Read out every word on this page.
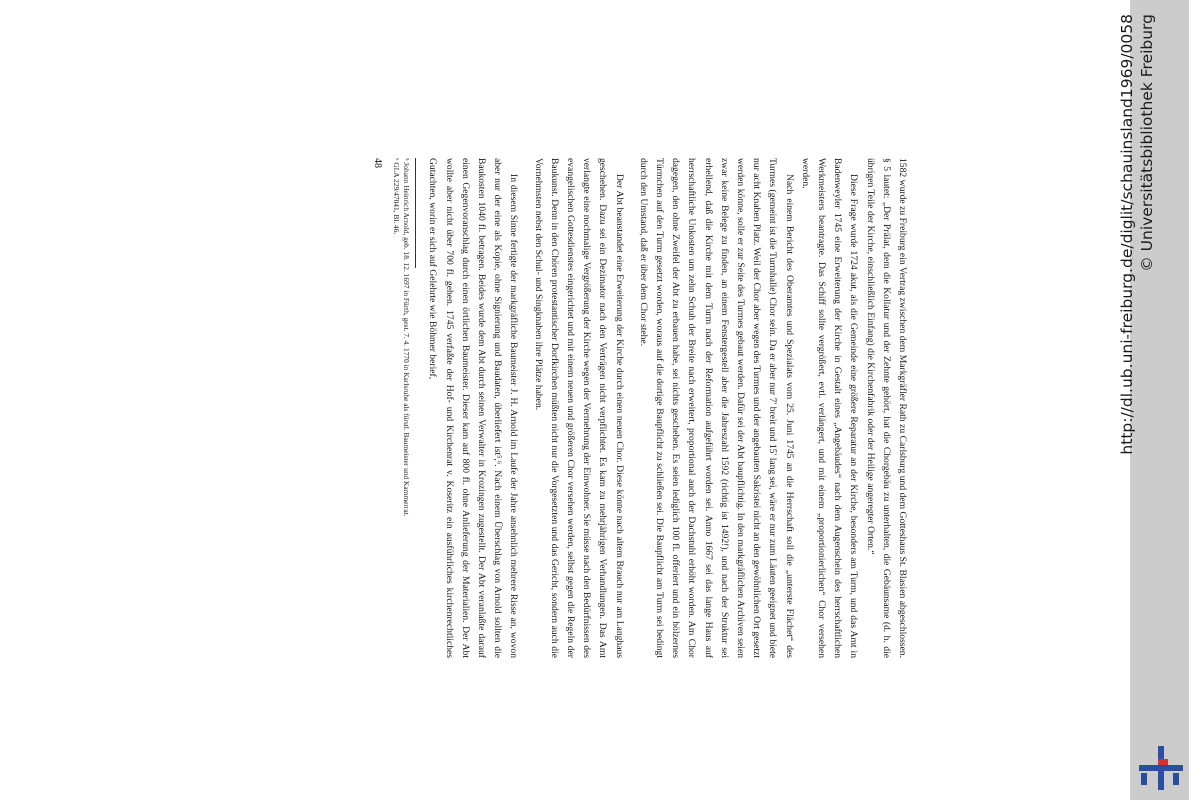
1582 wurde zu Freiburg ein Vertrag zwischen dem Markgräfler Rath zu Carlsburg und dem Gotteshaus St. Blasien abgeschlossen. § 5 lautet: „Der Prälat, dem die Kollatur und der Zehnte gehört, hat die Chorgebäu zu unterhalten, die Gebäunsame (d. h. die übrigen Teile der Kirche, einschließlich Einfang) die Kirchenfabrik oder der Heilige angeregter Orten.“

Diese Frage wurde 1724 akut, als die Gemeinde eine größere Reparatur an der Kirche, besonders am Turm, und das Amt in Badenweyler 1745 eine Erweiterung der Kirche in Gestalt eines „Angebäudes“ nach dem Augenschein des herrschaftlichen Werkmeisters beantragte. Das Schiff sollte vergrößert, evtl. verlängert, und mit einem „proportionierlichen“ Chor versehen werden.

Nach einem Bericht des Oberamtes und Spezialats vom 25. Juni 1745 an die Herrschaft soll die „unterste Flächet“ des Turmes (gemeint ist die Turmhalle) Chor sein. Da er aber nur 7' breit und 15' lang sei, wäre er nur zum Läuten geeignet und biete nur acht Knaben Platz. Weil der Chor aber wegen des Turmes und der angebauten Sakristei nicht an den gewöhnlichen Ort gesetzt werden könne, solle er zur Seite des Turmes gebaut werden. Dafür sei der Abt baupflichtig. In den markgräflichen Archiven seien zwar keine Belege zu finden, an einem Fenstergestell aber die Jahreszahl 1592 (richtig ist 1492!), und nach der Struktur sei erhellend, daß die Kirche mit dem Turm nach der Reformation aufgeführt worden sei. Anno 1667 sei das lange Haus auf herrschaftliche Unkosten um zehn Schuh der Breite nach erweitert, proportional auch der Dachstuhl erhöht worden. Am Chor dagegen, den ohne Zweifel der Abt zu erbauen habe, sei nichts geschehen. Es seien lediglich 100 fl. offeriert und ein hölzernes Türmchen auf den Turm gesetzt worden, woraus auf die dortige Baupflicht zu schließen sei. Die Baupflicht am Turm sei bedingt durch den Umstand, daß er über dem Chor stehe.

Der Abt beanstandet eine Erweiterung der Kirche durch einen neuen Chor. Diese könne nach altem Brauch nur am Langhaus geschehen. Dazu sei ein Dezimator nach den Verträgen nicht verpflichtet. Es kam zu mehrjährigen Verhandlungen. Das Amt verlangte eine nochmalige Vergrößerung der Kirche wegen der Vermehrung der Einwohner. Sie müsse nach den Bedürfnissen des evangelischen Gottesdienstes eingerichtet und mit einem neuen und größeren Chor versehen werden, selbst gegen die Regeln der Baukunst. Denn in den Chören protestantischer Dorfkirchen müßten nicht nur die Vorgesetzten und das Gericht, sondern auch die Vornehmsten nebst den Schul- und Singknaben ihre Plätze haben.

In diesem Sinne fertigte der markgräfliche Baumeister J. H. Arnold im Laufe der Jahre ansehnlich mehrere Risse an, wovon aber nur der eine als Kopie, ohne Signierung und Baudaten, überliefert ist⁵,⁶. Nach einem Überschlag von Arnold sollten die Baukosten 1040 fl. betragen. Beides wurde dem Abt durch seinen Verwalter in Krozingen zugestellt. Der Abt veranlaßte darauf einen Gegenvoranschlag durch einen örtlichen Baumeister. Dieser kam auf 800 fl. ohne Anlieferung der Materialien. Der Abt wollte aber nicht über 700 fl. gehen. 1745 verfaßte der Hof- und Kirchenrat v. Koseritz ein ausführliches kirchenrechtliches Gutachten, worin er sich auf Gelehrte wie Böhmer berief,

⁵ Johann Heinrich Arnold, geb. 18. 12. 1697 in Fürth, gest. 7. 4. 1770 in Karlsruhe als fürstl. Baumeister und Kammerrat.

⁶ GLA 229/47041, Bl. 46.

48	http://dl.ub.uni-freiburg.de/diglit/schauinsland1969/0058 © Universitätsbibliothek Freiburg
